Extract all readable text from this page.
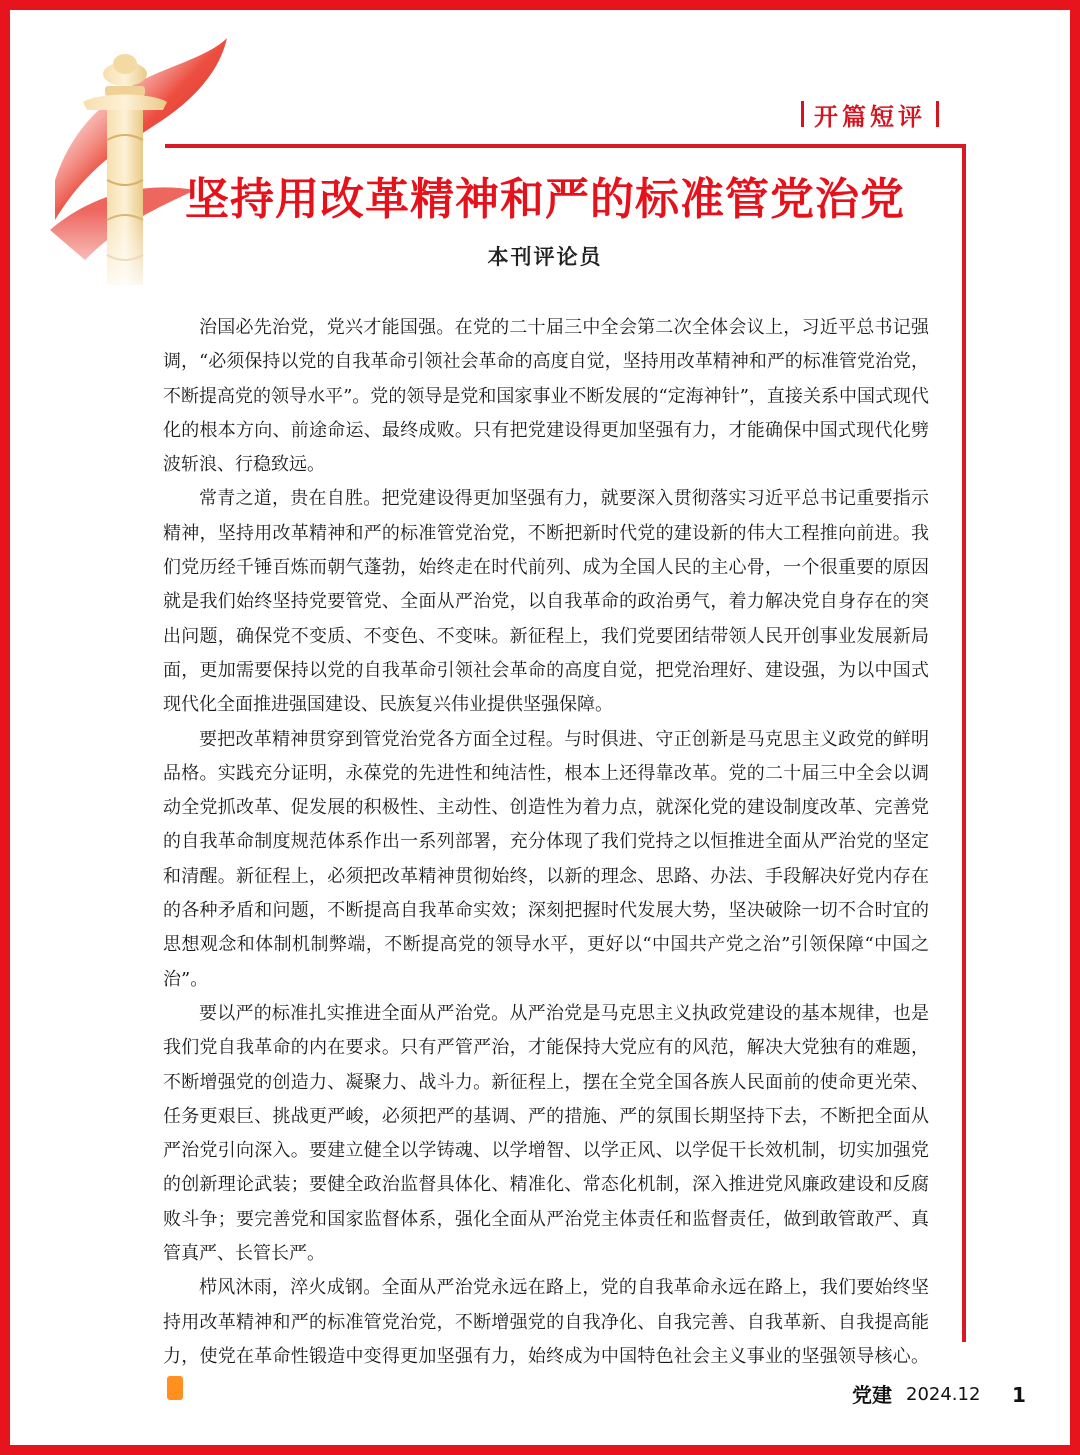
开篇短评
坚持用改革精神和严的标准管党治党
本刊评论员

治国必先治党，党兴才能国强。在党的二十届三中全会第二次全体会议上，习近平总书记强调，“必须保持以党的自我革命引领社会革命的高度自觉，坚持用改革精神和严的标准管党治党，不断提高党的领导水平”。党的领导是党和国家事业不断发展的“定海神针”，直接关系中国式现代化的根本方向、前途命运、最终成败。只有把党建设得更加坚强有力，才能确保中国式现代化劈波斩浪、行稳致远。

常青之道，贵在自胜。把党建设得更加坚强有力，就要深入贯彻落实习近平总书记重要指示精神，坚持用改革精神和严的标准管党治党，不断把新时代党的建设新的伟大工程推向前进。我们党历经千锤百炼而朝气蓬勃，始终走在时代前列、成为全国人民的主心骨，一个很重要的原因就是我们始终坚持党要管党、全面从严治党，以自我革命的政治勇气，着力解决党自身存在的突出问题，确保党不变质、不变色、不变味。新征程上，我们党要团结带领人民开创事业发展新局面，更加需要保持以党的自我革命引领社会革命的高度自觉，把党治理好、建设强，为以中国式现代化全面推进强国建设、民族复兴伟业提供坚强保障。

要把改革精神贯穿到管党治党各方面全过程。与时俱进、守正创新是马克思主义政党的鲜明品格。实践充分证明，永葆党的先进性和纯洁性，根本上还得靠改革。党的二十届三中全会以调动全党抓改革、促发展的积极性、主动性、创造性为着力点，就深化党的建设制度改革、完善党的自我革命制度规范体系作出一系列部署，充分体现了我们党持之以恒推进全面从严治党的坚定和清醒。新征程上，必须把改革精神贯彻始终，以新的理念、思路、办法、手段解决好党内存在的各种矛盾和问题，不断提高自我革命实效；深刻把握时代发展大势，坚决破除一切不合时宜的思想观念和体制机制弊端，不断提高党的领导水平，更好以“中国共产党之治”引领保障“中国之治”。

要以严的标准扎实推进全面从严治党。从严治党是马克思主义执政党建设的基本规律，也是我们党自我革命的内在要求。只有严管严治，才能保持大党应有的风范，解决大党独有的难题，不断增强党的创造力、凝聚力、战斗力。新征程上，摆在全党全国各族人民面前的使命更光荣、任务更艰巨、挑战更严峻，必须把严的基调、严的措施、严的氛围长期坚持下去，不断把全面从严治党引向深入。要建立健全以学铸魂、以学增智、以学正风、以学促干长效机制，切实加强党的创新理论武装；要健全政治监督具体化、精准化、常态化机制，深入推进党风廉政建设和反腐败斗争；要完善党和国家监督体系，强化全面从严治党主体责任和监督责任，做到敢管敢严、真管真严、长管长严。

栉风沐雨，淬火成钢。全面从严治党永远在路上，党的自我革命永远在路上，我们要始终坚持用改革精神和严的标准管党治党，不断增强党的自我净化、自我完善、自我革新、自我提高能力，使党在革命性锻造中变得更加坚强有力，始终成为中国特色社会主义事业的坚强领导核心。

党建 2024.12 1
